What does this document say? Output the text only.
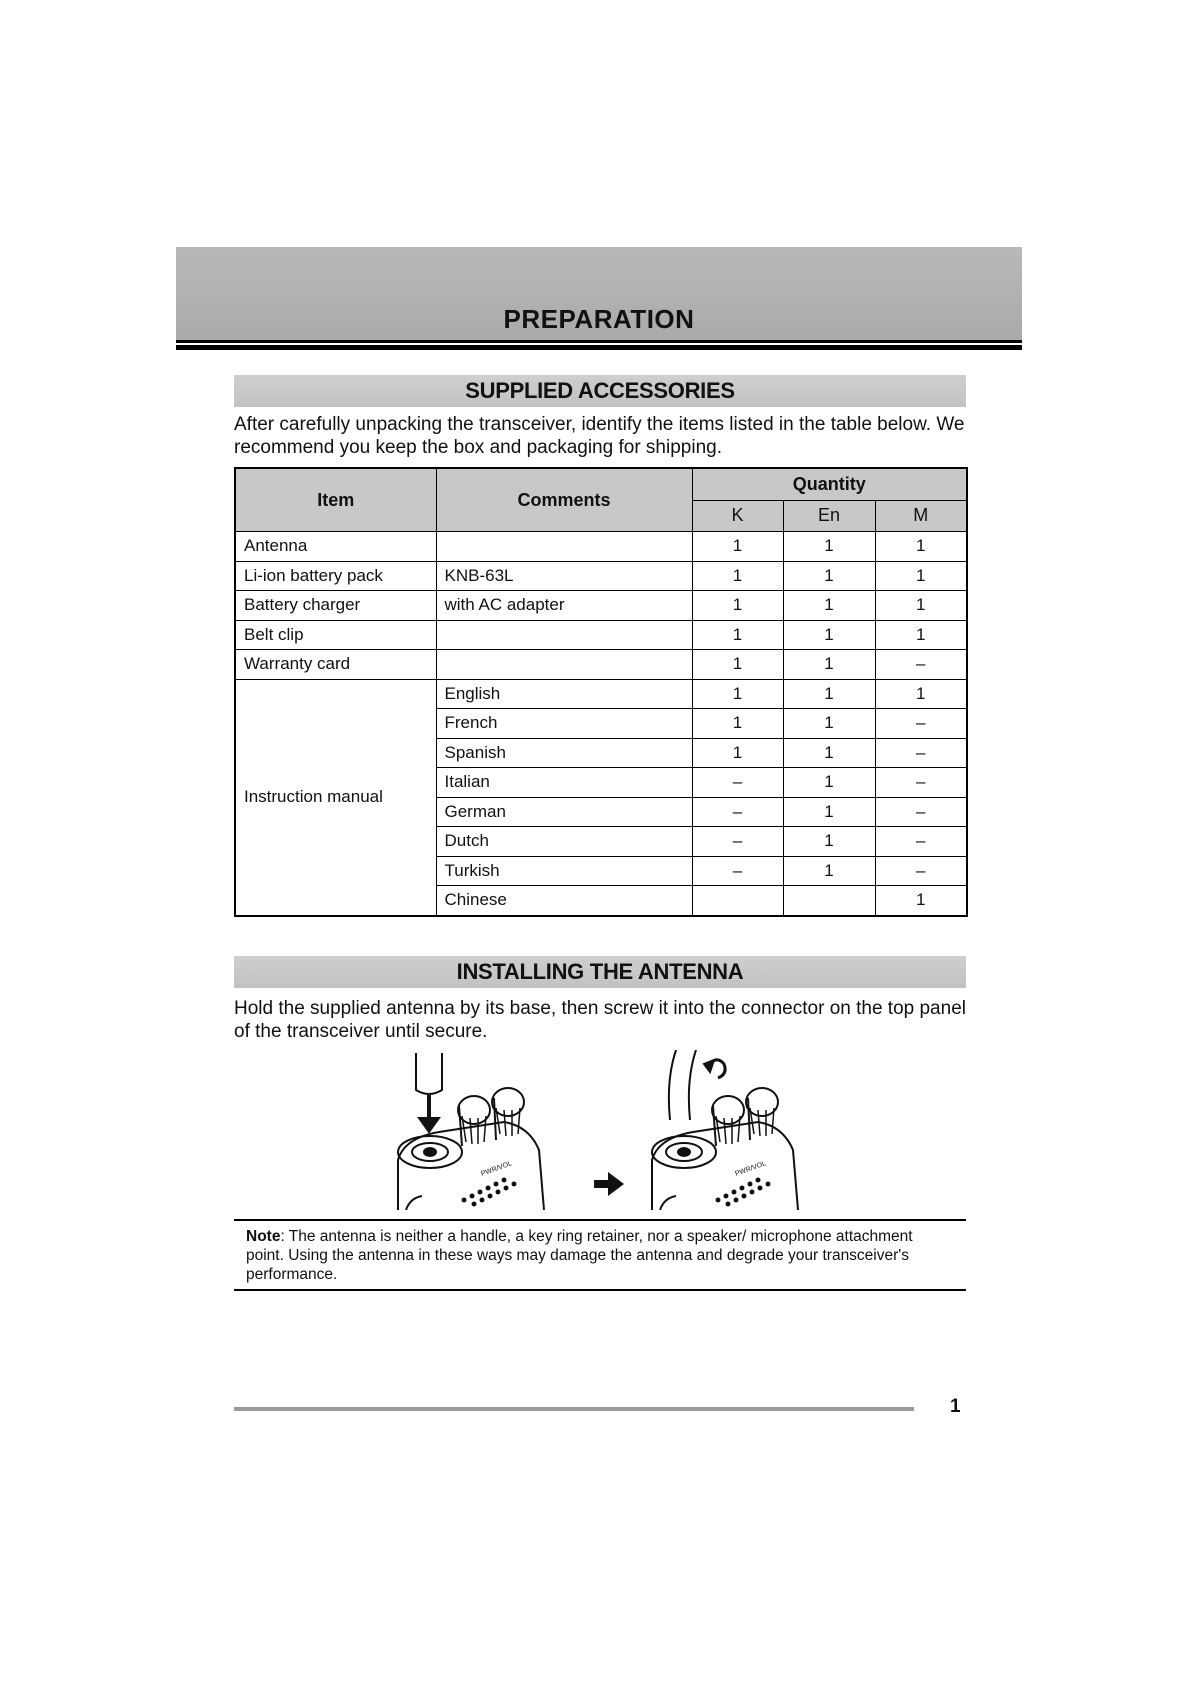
PREPARATION
SUPPLIED ACCESSORIES
After carefully unpacking the transceiver, identify the items listed in the table below. We recommend you keep the box and packaging for shipping.
Item	Comments	Quantity		
		K	En	M
Antenna		1	1	1
Li-ion battery pack	KNB-63L	1	1	1
Battery charger	with AC adapter	1	1	1
Belt clip		1	1	1
Warranty card		1	1	–
Instruction manual	English	1	1	1
	French	1	1	–
	Spanish	1	1	–
	Italian	–	1	–
	German	–	1	–
	Dutch	–	1	–
	Turkish	–	1	–
	Chinese			1
INSTALLING THE ANTENNA
Hold the supplied antenna by its base, then screw it into the connector on the top panel of the transceiver until secure.
PWR/VOL	PWR/VOL
Note: The antenna is neither a handle, a key ring retainer, nor a speaker/ microphone attachment point. Using the antenna in these ways may damage the antenna and degrade your transceiver's performance.
1
